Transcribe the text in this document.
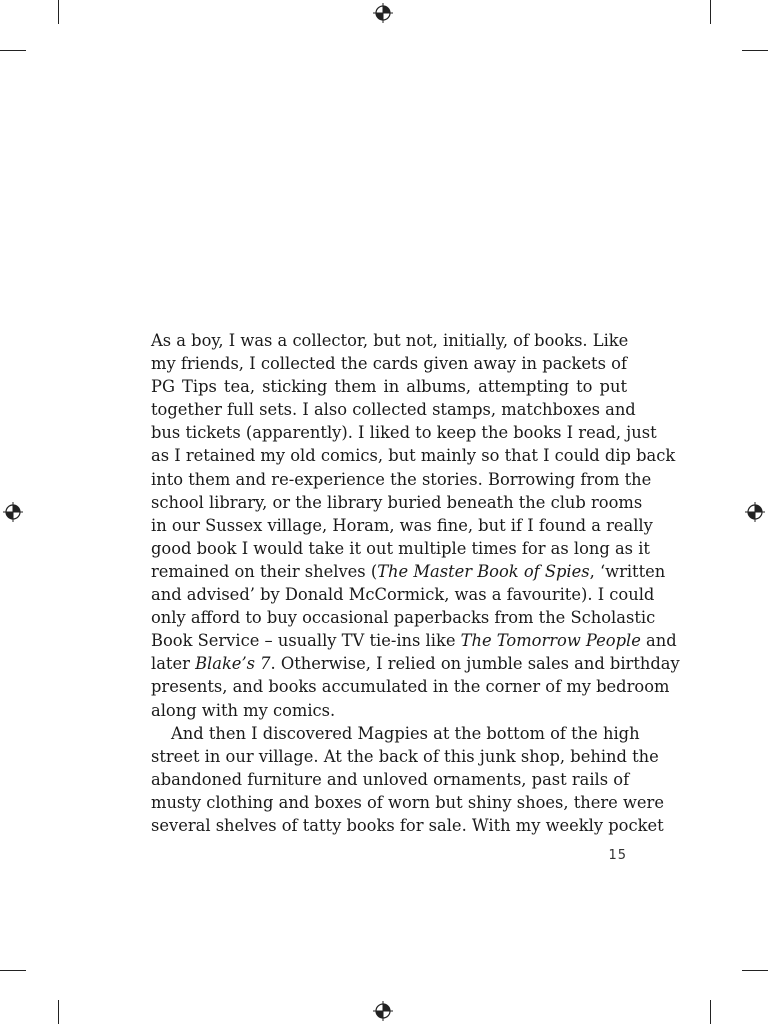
As a boy, I was a collector, but not, initially, of books. Like
my friends, I collected the cards given away in packets of
PG Tips tea, sticking them in albums, attempting to put
together full sets. I also collected stamps, matchboxes and
bus tickets (apparently). I liked to keep the books I read, just
as I retained my old comics, but mainly so that I could dip back
into them and re-experience the stories. Borrowing from the
school library, or the library buried beneath the club rooms
in our Sussex village, Horam, was fine, but if I found a really
good book I would take it out multiple times for as long as it
remained on their shelves (The Master Book of Spies, ‘written
and advised’ by Donald McCormick, was a favourite). I could
only afford to buy occasional paperbacks from the Scholastic
Book Service – usually TV tie-ins like The Tomorrow People and
later Blake’s 7. Otherwise, I relied on jumble sales and birthday
presents, and books accumulated in the corner of my bedroom
along with my comics.
And then I discovered Magpies at the bottom of the high
street in our village. At the back of this junk shop, behind the
abandoned furniture and unloved ornaments, past rails of
musty clothing and boxes of worn but shiny shoes, there were
several shelves of tatty books for sale. With my weekly pocket
15
